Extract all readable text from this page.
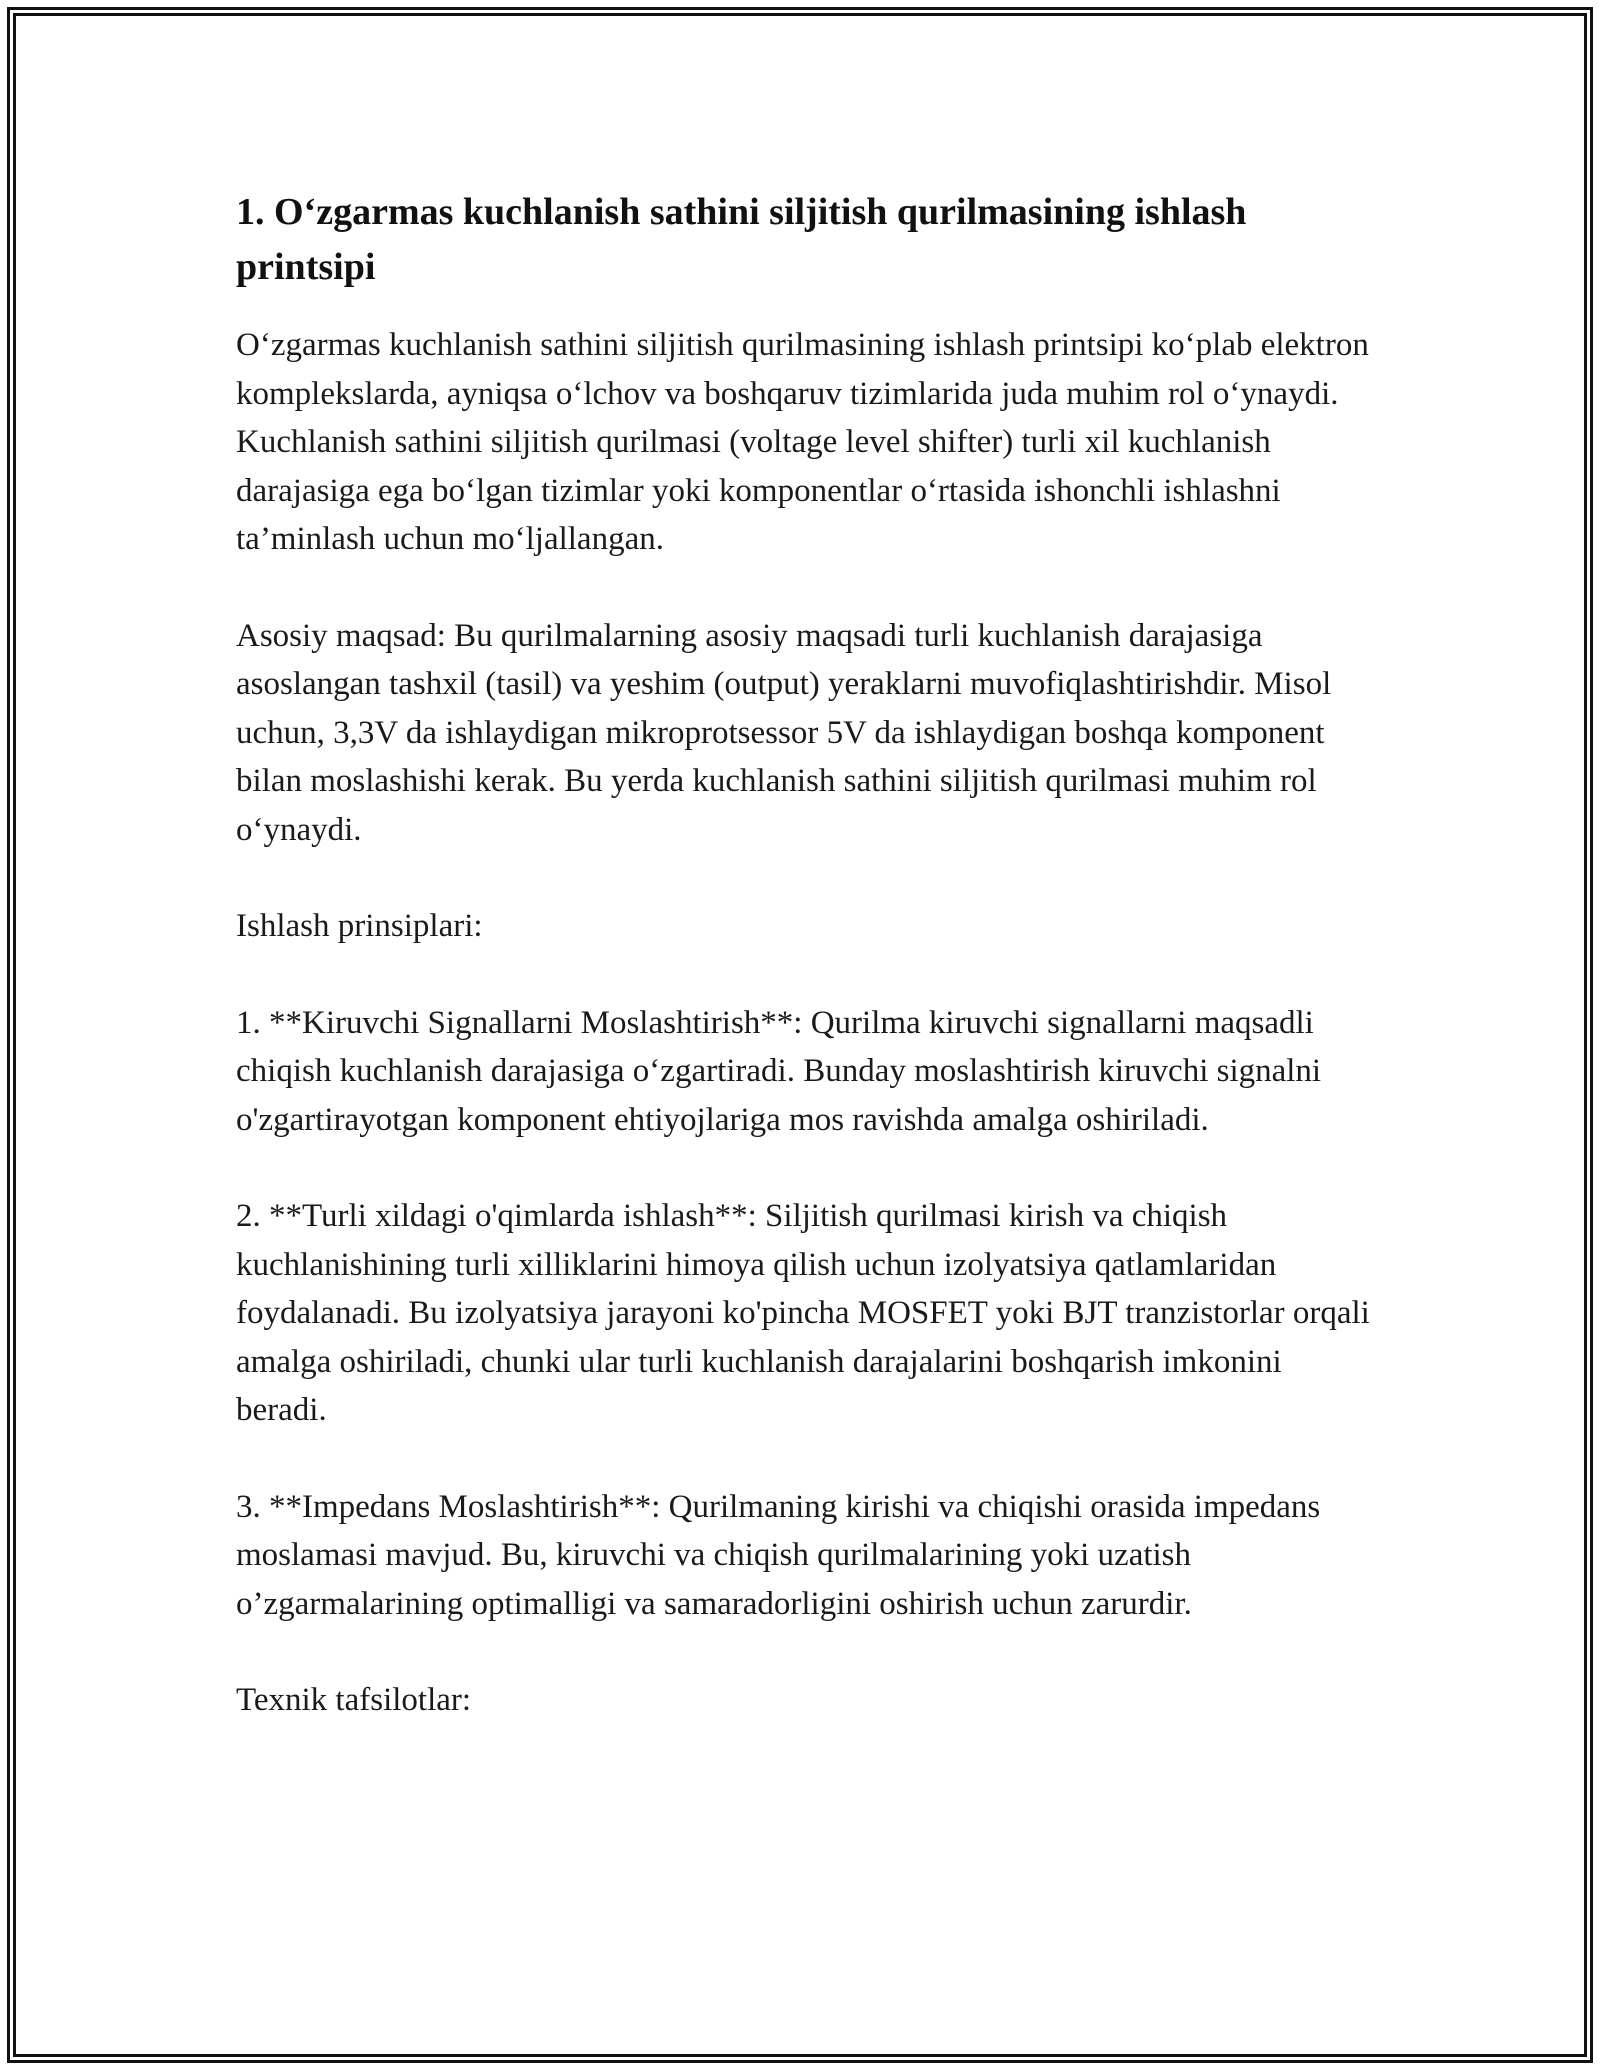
1. O‘zgarmas kuchlanish sathini siljitish qurilmasining ishlash printsipi

O‘zgarmas kuchlanish sathini siljitish qurilmasining ishlash printsipi ko‘plab elektron komplekslarda, ayniqsa o‘lchov va boshqaruv tizimlarida juda muhim rol o‘ynaydi. Kuchlanish sathini siljitish qurilmasi (voltage level shifter) turli xil kuchlanish darajasiga ega bo‘lgan tizimlar yoki komponentlar o‘rtasida ishonchli ishlashni ta’minlash uchun mo‘ljallangan.

Asosiy maqsad: Bu qurilmalarning asosiy maqsadi turli kuchlanish darajasiga asoslangan tashxil (tasil) va yeshim (output) yeraklarni muvofiqlashtirishdir. Misol uchun, 3,3V da ishlaydigan mikroprotsessor 5V da ishlaydigan boshqa komponent bilan moslashishi kerak. Bu yerda kuchlanish sathini siljitish qurilmasi muhim rol o‘ynaydi.

Ishlash prinsiplari:

1. **Kiruvchi Signallarni Moslashtirish**: Qurilma kiruvchi signallarni maqsadli chiqish kuchlanish darajasiga o‘zgartiradi. Bunday moslashtirish kiruvchi signalni o'zgartirayotgan komponent ehtiyojlariga mos ravishda amalga oshiriladi.

2. **Turli xildagi o'qimlarda ishlash**: Siljitish qurilmasi kirish va chiqish kuchlanishining turli xilliklarini himoya qilish uchun izolyatsiya qatlamlaridan foydalanadi. Bu izolyatsiya jarayoni ko'pincha MOSFET yoki BJT tranzistorlar orqali amalga oshiriladi, chunki ular turli kuchlanish darajalarini boshqarish imkonini beradi.

3. **Impedans Moslashtirish**: Qurilmaning kirishi va chiqishi orasida impedans moslamasi mavjud. Bu, kiruvchi va chiqish qurilmalarining yoki uzatish o’zgarmalarining optimalligi va samaradorligini oshirish uchun zarurdir.

Texnik tafsilotlar:
